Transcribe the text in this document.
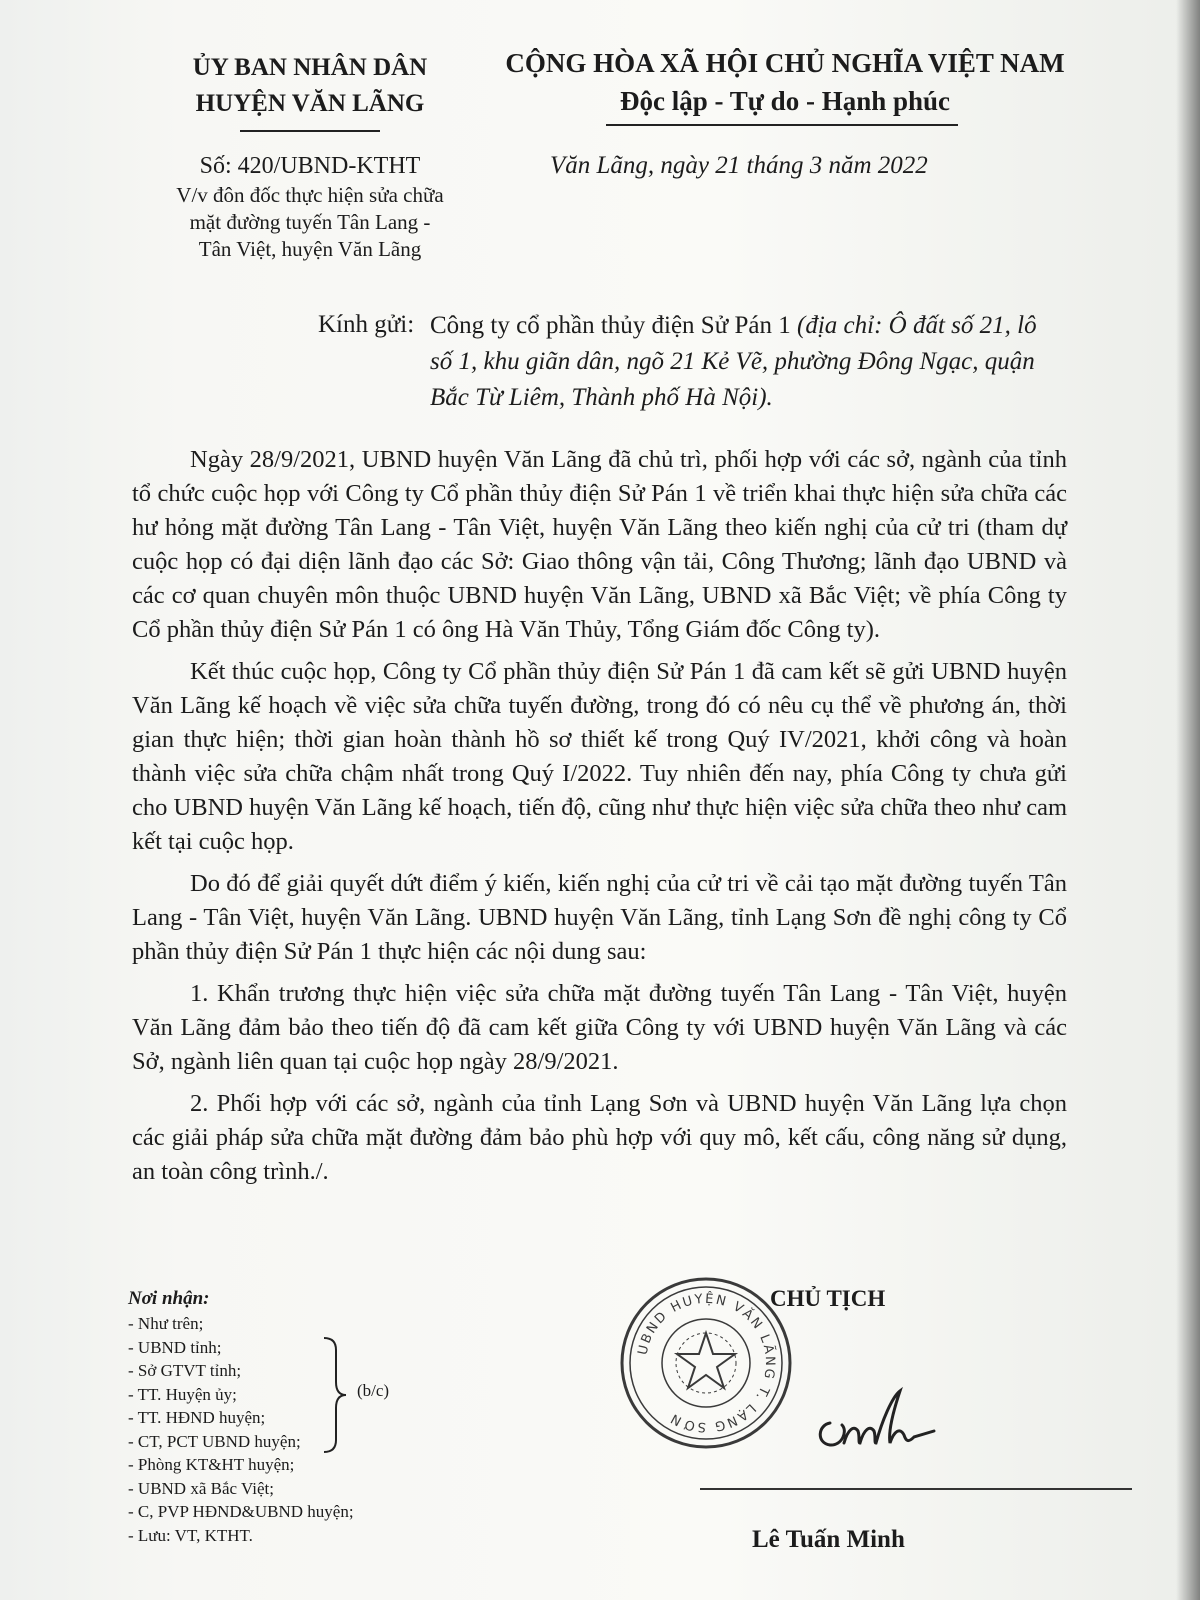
ỦY BAN NHÂN DÂN
HUYỆN VĂN LÃNG
CỘNG HÒA XÃ HỘI CHỦ NGHĨA VIỆT NAM
Độc lập - Tự do - Hạnh phúc
Số: 420/UBND-KTHT
V/v đôn đốc thực hiện sửa chữa
mặt đường tuyến Tân Lang -
Tân Việt, huyện Văn Lãng
Văn Lãng, ngày 21 tháng 3 năm 2022
Kính gửi: Công ty cổ phần thủy điện Sử Pán 1 (địa chỉ: Ô đất số 21, lô số 1, khu giãn dân, ngõ 21 Kẻ Vẽ, phường Đông Ngạc, quận Bắc Từ Liêm, Thành phố Hà Nội).

Ngày 28/9/2021, UBND huyện Văn Lãng đã chủ trì, phối hợp với các sở, ngành của tỉnh tổ chức cuộc họp với Công ty Cổ phần thủy điện Sử Pán 1 về triển khai thực hiện sửa chữa các hư hỏng mặt đường Tân Lang - Tân Việt, huyện Văn Lãng theo kiến nghị của cử tri (tham dự cuộc họp có đại diện lãnh đạo các Sở: Giao thông vận tải, Công Thương; lãnh đạo UBND và các cơ quan chuyên môn thuộc UBND huyện Văn Lãng, UBND xã Bắc Việt; về phía Công ty Cổ phần thủy điện Sử Pán 1 có ông Hà Văn Thủy, Tổng Giám đốc Công ty).

Kết thúc cuộc họp, Công ty Cổ phần thủy điện Sử Pán 1 đã cam kết sẽ gửi UBND huyện Văn Lãng kế hoạch về việc sửa chữa tuyến đường, trong đó có nêu cụ thể về phương án, thời gian thực hiện; thời gian hoàn thành hồ sơ thiết kế trong Quý IV/2021, khởi công và hoàn thành việc sửa chữa chậm nhất trong Quý I/2022. Tuy nhiên đến nay, phía Công ty chưa gửi cho UBND huyện Văn Lãng kế hoạch, tiến độ, cũng như thực hiện việc sửa chữa theo như cam kết tại cuộc họp.

Do đó để giải quyết dứt điểm ý kiến, kiến nghị của cử tri về cải tạo mặt đường tuyến Tân Lang - Tân Việt, huyện Văn Lãng. UBND huyện Văn Lãng, tỉnh Lạng Sơn đề nghị công ty Cổ phần thủy điện Sử Pán 1 thực hiện các nội dung sau:

1. Khẩn trương thực hiện việc sửa chữa mặt đường tuyến Tân Lang - Tân Việt, huyện Văn Lãng đảm bảo theo tiến độ đã cam kết giữa Công ty với UBND huyện Văn Lãng và các Sở, ngành liên quan tại cuộc họp ngày 28/9/2021.

2. Phối hợp với các sở, ngành của tỉnh Lạng Sơn và UBND huyện Văn Lãng lựa chọn các giải pháp sửa chữa mặt đường đảm bảo phù hợp với quy mô, kết cấu, công năng sử dụng, an toàn công trình./.

Nơi nhận:
- Như trên;
- UBND tỉnh;
- Sở GTVT tỉnh;
- TT. Huyện ủy;
- TT. HĐND huyện;
- CT, PCT UBND huyện;
- Phòng KT&HT huyện;
- UBND xã Bắc Việt;
- C, PVP HĐND&UBND huyện;
- Lưu: VT, KTHT.
(b/c)
CHỦ TỊCH
UBND HUYỆN VĂN LÃNG T. LẠNG SƠN
Lê Tuấn Minh
